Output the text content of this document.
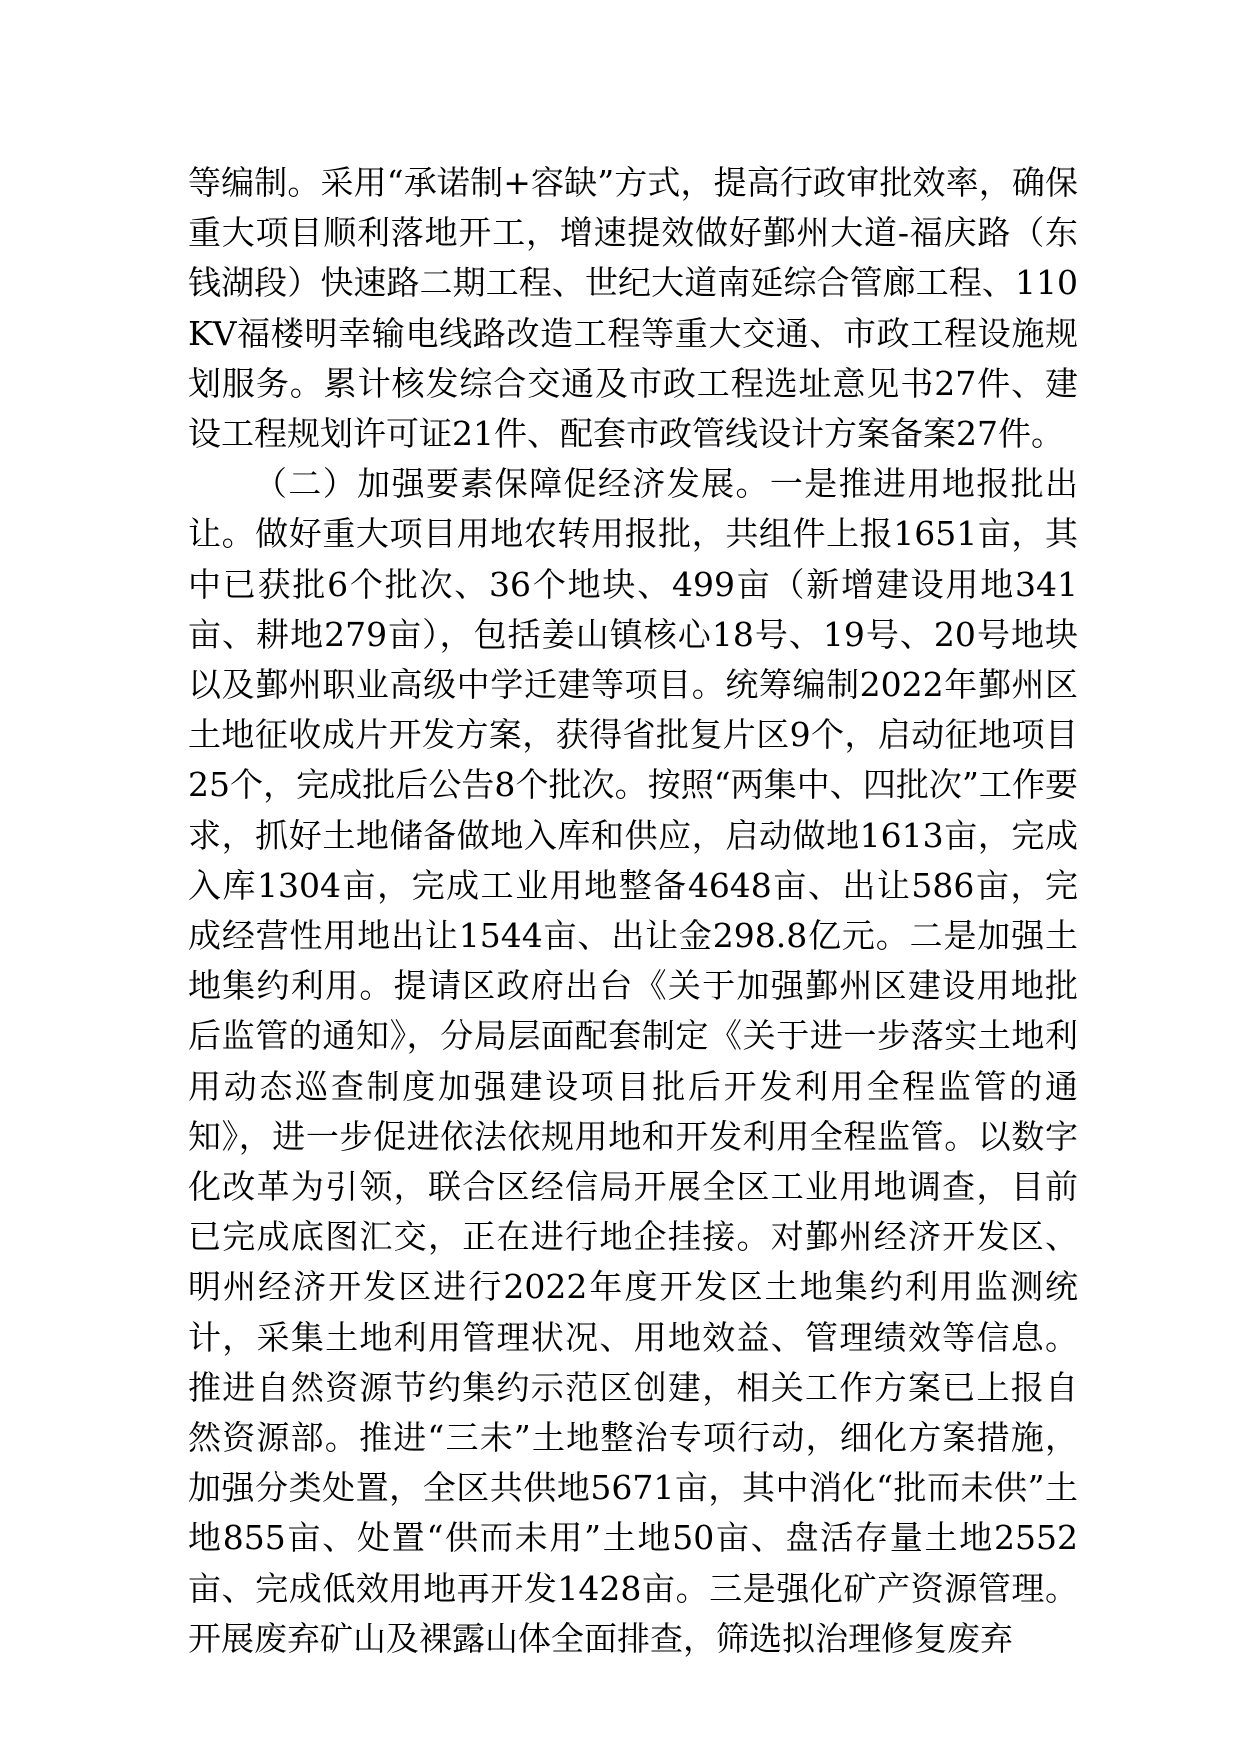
等编制。采用“承诺制+容缺”方式，提高行政审批效率，确保重大项目顺利落地开工，增速提效做好鄞州大道-福庆路（东钱湖段）快速路二期工程、世纪大道南延综合管廊工程、110KV福楼明幸输电线路改造工程等重大交通、市政工程设施规划服务。累计核发综合交通及市政工程选址意见书27件、建设工程规划许可证21件、配套市政管线设计方案备案27件。

（二）加强要素保障促经济发展。一是推进用地报批出让。做好重大项目用地农转用报批，共组件上报1651亩，其中已获批6个批次、36个地块、499亩（新增建设用地341亩、耕地279亩），包括姜山镇核心18号、19号、20号地块以及鄞州职业高级中学迁建等项目。统筹编制2022年鄞州区土地征收成片开发方案，获得省批复片区9个，启动征地项目25个，完成批后公告8个批次。按照“两集中、四批次”工作要求，抓好土地储备做地入库和供应，启动做地1613亩，完成入库1304亩，完成工业用地整备4648亩、出让586亩，完成经营性用地出让1544亩、出让金298.8亿元。二是加强土地集约利用。提请区政府出台《关于加强鄞州区建设用地批后监管的通知》，分局层面配套制定《关于进一步落实土地利用动态巡查制度加强建设项目批后开发利用全程监管的通知》，进一步促进依法依规用地和开发利用全程监管。以数字化改革为引领，联合区经信局开展全区工业用地调查，目前已完成底图汇交，正在进行地企挂接。对鄞州经济开发区、明州经济开发区进行2022年度开发区土地集约利用监测统计，采集土地利用管理状况、用地效益、管理绩效等信息。推进自然资源节约集约示范区创建，相关工作方案已上报自然资源部。推进“三未”土地整治专项行动，细化方案措施，加强分类处置，全区共供地5671亩，其中消化“批而未供”土地855亩、处置“供而未用”土地50亩、盘活存量土地2552亩、完成低效用地再开发1428亩。三是强化矿产资源管理。开展废弃矿山及裸露山体全面排查，筛选拟治理修复废弃
